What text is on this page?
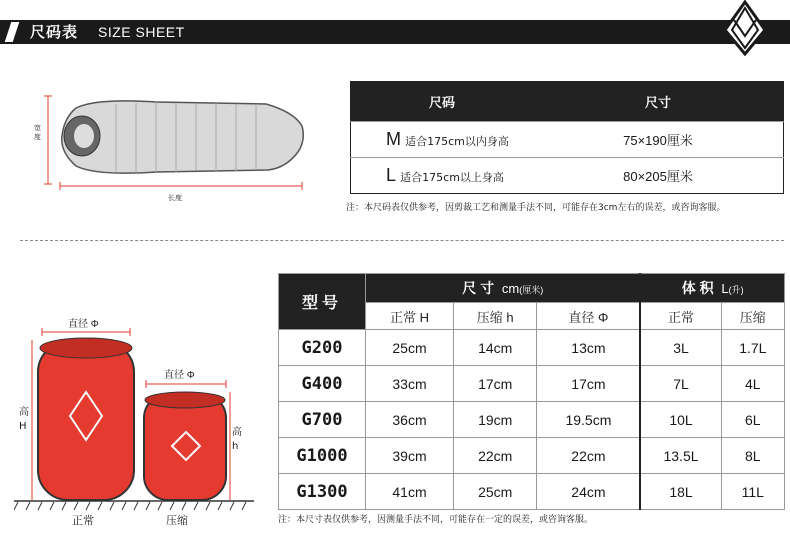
尺码表 SIZE SHEET
宽度
长度
尺码	尺寸
M 适合175cm以内身高	75×190厘米
L 适合175cm以上身高	80×205厘米
注：本尺码表仅供参考，因剪裁工艺和测量手法不同，可能存在3cm左右的误差，或咨询客服。
直径 Φ
直径 Φ
高
H
高
h
正常	压缩
型号	尺 寸 cm(厘米)			体 积 L(升)	
	正常 H	压缩 h	直径 Φ	正常	压缩
G200	25cm	14cm	13cm	3L	1.7L
G400	33cm	17cm	17cm	7L	4L
G700	36cm	19cm	19.5cm	10L	6L
G1000	39cm	22cm	22cm	13.5L	8L
G1300	41cm	25cm	24cm	18L	11L
注：本尺寸表仅供参考，因测量手法不同，可能存在一定的误差，或咨询客服。
